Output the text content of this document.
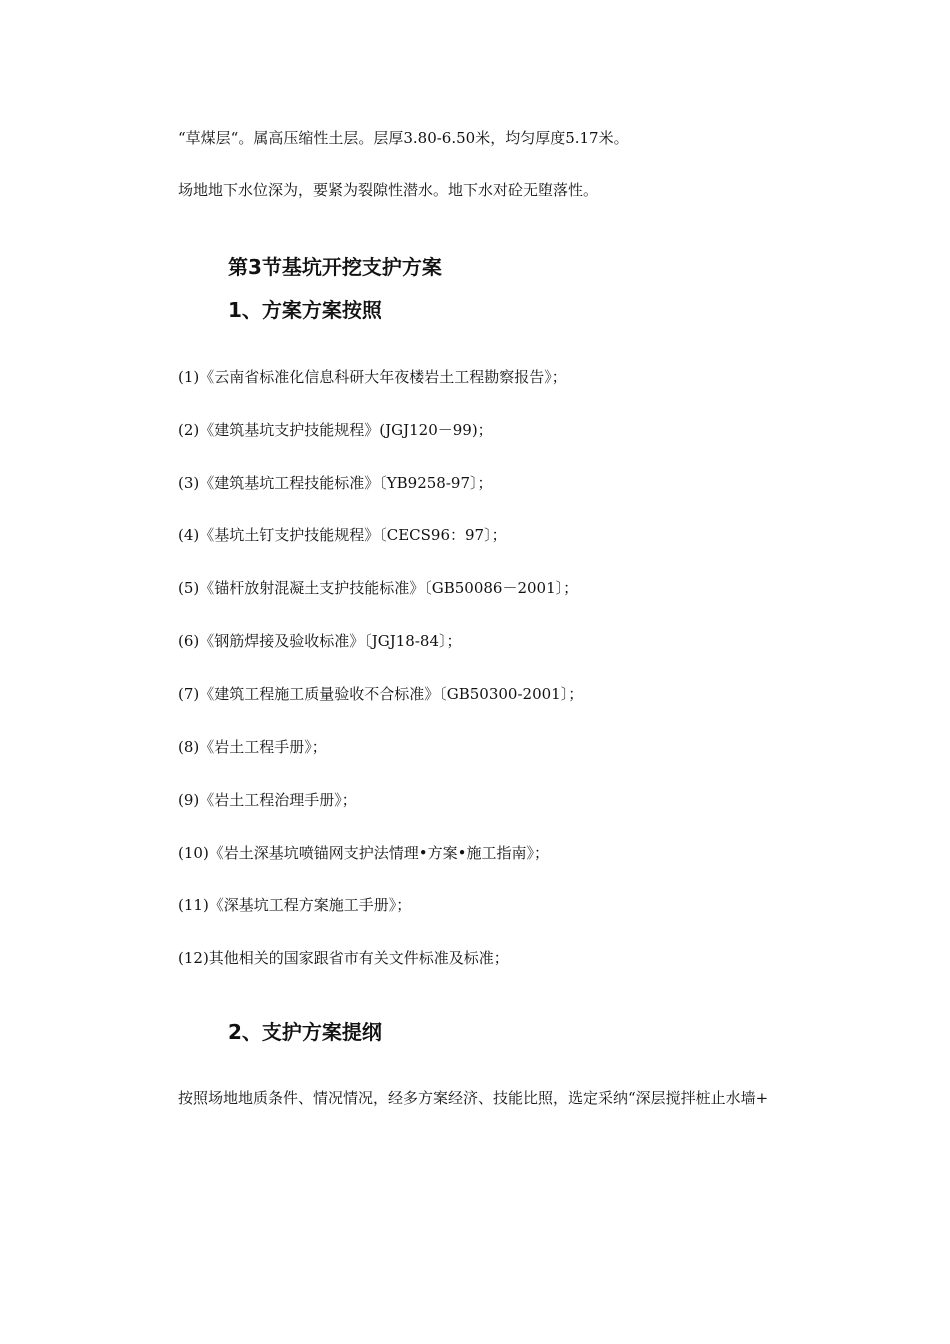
“草煤层“。属高压缩性土层。层厚3.80-6.50米，均匀厚度5.17米。
场地地下水位深为，要紧为裂隙性潜水。地下水对砼无堕落性。
第3节基坑开挖支护方案
1、方案方案按照
(1)《云南省标准化信息科研大年夜楼岩土工程勘察报告》；
(2)《建筑基坑支护技能规程》(JGJ120－99)；
(3)《建筑基坑工程技能标准》〔YB9258-97〕；
(4)《基坑土钉支护技能规程》〔CECS96：97〕；
(5)《锚杆放射混凝土支护技能标准》〔GB50086－2001〕；
(6)《钢筋焊接及验收标准》〔JGJ18-84〕；
(7)《建筑工程施工质量验收不合标准》〔GB50300-2001〕；
(8)《岩土工程手册》；
(9)《岩土工程治理手册》；
(10)《岩土深基坑喷锚网支护法情理•方案•施工指南》；
(11)《深基坑工程方案施工手册》；
(12)其他相关的国家跟省市有关文件标准及标准；
2、支护方案提纲
按照场地地质条件、情况情况，经多方案经济、技能比照，选定采纳“深层搅拌桩止水墙+
